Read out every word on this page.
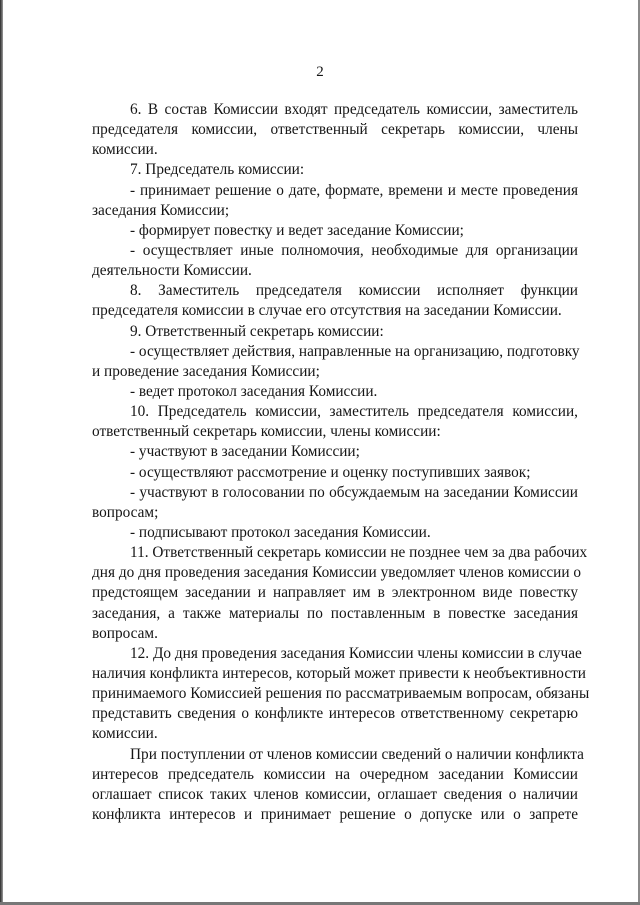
2
6. В состав Комиссии входят председатель комиссии, заместитель
председателя комиссии, ответственный секретарь комиссии, члены
комиссии.
7. Председатель комиссии:
- принимает решение о дате, формате, времени и месте проведения
заседания Комиссии;
- формирует повестку и ведет заседание Комиссии;
- осуществляет иные полномочия, необходимые для организации
деятельности Комиссии.
8. Заместитель председателя комиссии исполняет функции
председателя комиссии в случае его отсутствия на заседании Комиссии.
9. Ответственный секретарь комиссии:
- осуществляет действия, направленные на организацию, подготовку
и проведение заседания Комиссии;
- ведет протокол заседания Комиссии.
10. Председатель комиссии, заместитель председателя комиссии,
ответственный секретарь комиссии, члены комиссии:
- участвуют в заседании Комиссии;
- осуществляют рассмотрение и оценку поступивших заявок;
- участвуют в голосовании по обсуждаемым на заседании Комиссии
вопросам;
- подписывают протокол заседания Комиссии.
11. Ответственный секретарь комиссии не позднее чем за два рабочих
дня до дня проведения заседания Комиссии уведомляет членов комиссии о
предстоящем заседании и направляет им в электронном виде повестку
заседания, а также материалы по поставленным в повестке заседания
вопросам.
12. До дня проведения заседания Комиссии члены комиссии в случае
наличия конфликта интересов, который может привести к необъективности
принимаемого Комиссией решения по рассматриваемым вопросам, обязаны
представить сведения о конфликте интересов ответственному секретарю
комиссии.
При поступлении от членов комиссии сведений о наличии конфликта
интересов председатель комиссии на очередном заседании Комиссии
оглашает список таких членов комиссии, оглашает сведения о наличии
конфликта интересов и принимает решение о допуске или о запрете
